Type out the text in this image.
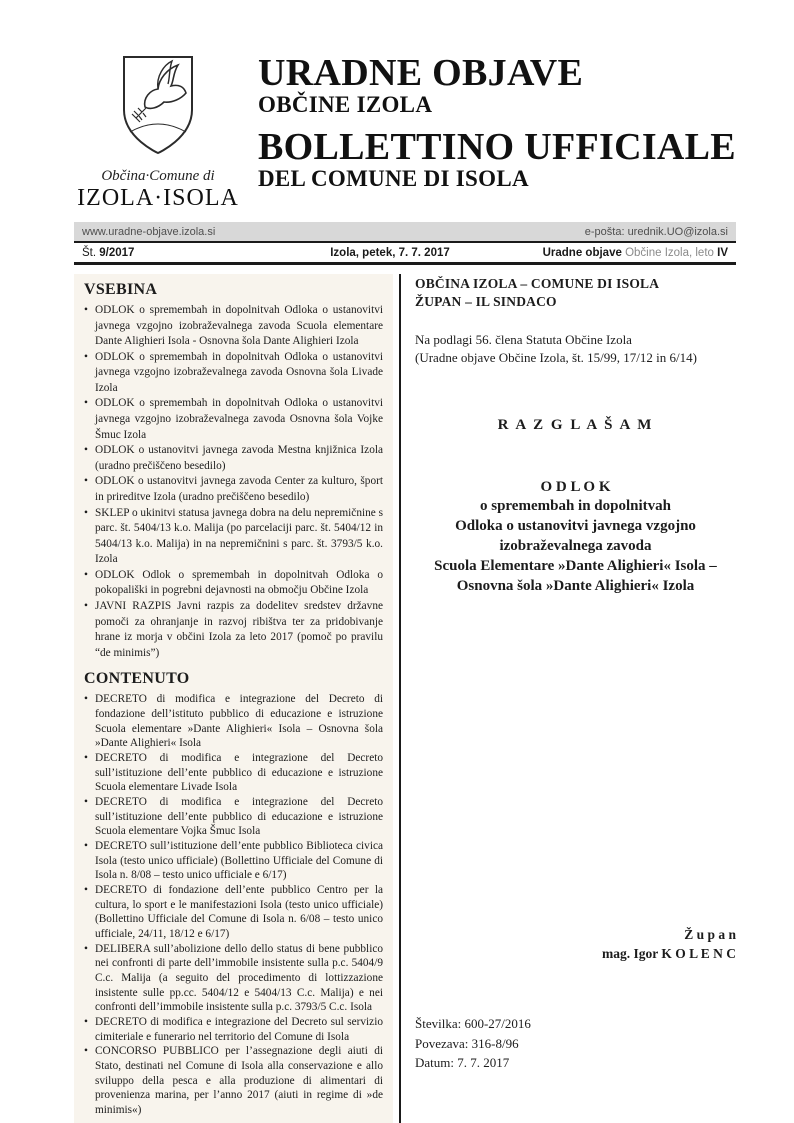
Občina·Comune di
IZOLA·ISOLA
URADNE OBJAVE
OBČINE IZOLA
BOLLETTINO UFFICIALE
DEL COMUNE DI ISOLA
www.uradne-objave.izola.si	e-pošta: urednik.UO@izola.si
Št. 9/2017	Izola, petek, 7. 7. 2017	Uradne objave Občine Izola, leto IV
VSEBINA
• ODLOK o spremembah in dopolnitvah Odloka o ustanovitvi javnega vzgojno izobraževalnega zavoda Scuola elementare Dante Alighieri Isola - Osnovna šola Dante Alighieri Izola
• ODLOK o spremembah in dopolnitvah Odloka o ustanovitvi javnega vzgojno izobraževalnega zavoda Osnovna šola Livade Izola
• ODLOK o spremembah in dopolnitvah Odloka o ustanovitvi javnega vzgojno izobraževalnega zavoda Osnovna šola Vojke Šmuc Izola
• ODLOK o ustanovitvi javnega zavoda Mestna knjižnica Izola (uradno prečiščeno besedilo)
• ODLOK o ustanovitvi javnega zavoda Center za kulturo, šport in prireditve Izola (uradno prečiščeno besedilo)
• SKLEP o ukinitvi statusa javnega dobra na delu nepremičnine s parc. št. 5404/13 k.o. Malija (po parcelaciji parc. št. 5404/12 in 5404/13 k.o. Malija) in na nepremičnini s parc. št. 3793/5 k.o. Izola
• ODLOK Odlok o spremembah in dopolnitvah Odloka o pokopališki in pogrebni dejavnosti na območju Občine Izola
• JAVNI RAZPIS Javni razpis za dodelitev sredstev državne pomoči za ohranjanje in razvoj ribištva ter za pridobivanje hrane iz morja v občini Izola za leto 2017 (pomoč po pravilu “de minimis”)
CONTENUTO
• DECRETO di modifica e integrazione del Decreto di fondazione dell’istituto pubblico di educazione e istruzione Scuola elementare »Dante Alighieri« Isola – Osnovna šola »Dante Alighieri« Isola
• DECRETO di modifica e integrazione del Decreto sull’istituzione dell’ente pubblico di educazione e istruzione Scuola elementare Livade Isola
• DECRETO di modifica e integrazione del Decreto sull’istituzione dell’ente pubblico di educazione e istruzione Scuola elementare Vojka Šmuc Isola
• DECRETO sull’istituzione dell’ente pubblico Biblioteca civica Isola (testo unico ufficiale) (Bollettino Ufficiale del Comune di Isola n. 8/08 – testo unico ufficiale e 6/17)
• DECRETO di fondazione dell’ente pubblico Centro per la cultura, lo sport e le manifestazioni Isola (testo unico ufficiale) (Bollettino Ufficiale del Comune di Isola n. 6/08 – testo unico ufficiale, 24/11, 18/12 e 6/17)
• DELIBERA sull’abolizione dello dello status di bene pubblico nei confronti di parte dell’immobile insistente sulla p.c. 5404/9 C.c. Malija (a seguito del procedimento di lottizzazione insistente sulle pp.cc. 5404/12 e 5404/13 C.c. Malija) e nei confronti dell’immobile insistente sulla p.c. 3793/5 C.c. Isola
• DECRETO di modifica e integrazione del Decreto sul servizio cimiteriale e funerario nel territorio del Comune di Isola
• CONCORSO PUBBLICO per l’assegnazione degli aiuti di Stato, destinati nel Comune di Isola alla conservazione e allo sviluppo della pesca e alla produzione di alimentari di provenienza marina, per l’anno 2017 (aiuti in regime di »de minimis«)
OBČINA IZOLA – COMUNE DI ISOLA
ŽUPAN – IL SINDACO
Na podlagi 56. člena Statuta Občine Izola
(Uradne objave Občine Izola, št. 15/99, 17/12 in 6/14)
R A Z G L A Š A M
O D L O K
o spremembah in dopolnitvah
Odloka o ustanovitvi javnega vzgojno
izobraževalnega zavoda
Scuola Elementare »Dante Alighieri« Isola –
Osnovna šola »Dante Alighieri« Izola
Ž u p a n
mag. Igor K O L E N C
Številka: 600-27/2016
Povezava: 316-8/96
Datum: 7. 7. 2017
